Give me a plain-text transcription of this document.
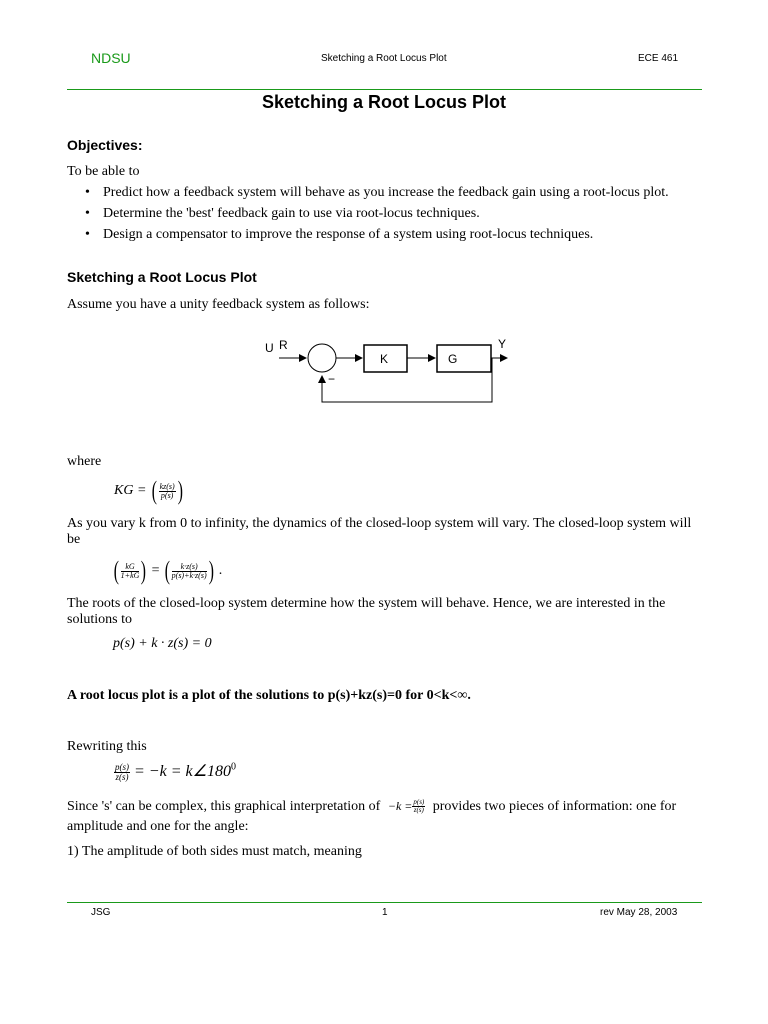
NDSU	Sketching a Root Locus Plot	ECE 461
Sketching a Root Locus Plot
Objectives:
To be able to
• Predict how a feedback system will behave as you increase the feedback gain using a root-locus plot.
• Determine the 'best' feedback gain to use via root-locus techniques.
• Design a compensator to improve the response of a system using root-locus techniques.
Sketching a Root Locus Plot
Assume you have a unity feedback system as follows:
U R
K	G
Y
−
where
KG = ( $\frac{kz(s)}{p(s)}$ )
As you vary k from 0 to infinity, the dynamics of the closed-loop system will vary. The closed-loop system will
be
( $\frac{kG}{1+kG}$ ) = ( $\frac{k\cdot z(s)}{p(s)+k\cdot z(s)}$ ) .
The roots of the closed-loop system determine how the system will behave. Hence, we are interested in the
solutions to
p(s) + k · z(s) = 0
A root locus plot is a plot of the solutions to p(s)+kz(s)=0 for 0<k<∞.
Rewriting this
$\frac{p(s)}{z(s)} = -k$ = $k\angle 180^0$
Since 's' can be complex, this graphical interpretation of $-k = \frac{p(s)}{z(s)}$ provides two pieces of information: one for
amplitude and one for the angle:
1) The amplitude of both sides must match, meaning
JSG	1	rev May 28, 2003
